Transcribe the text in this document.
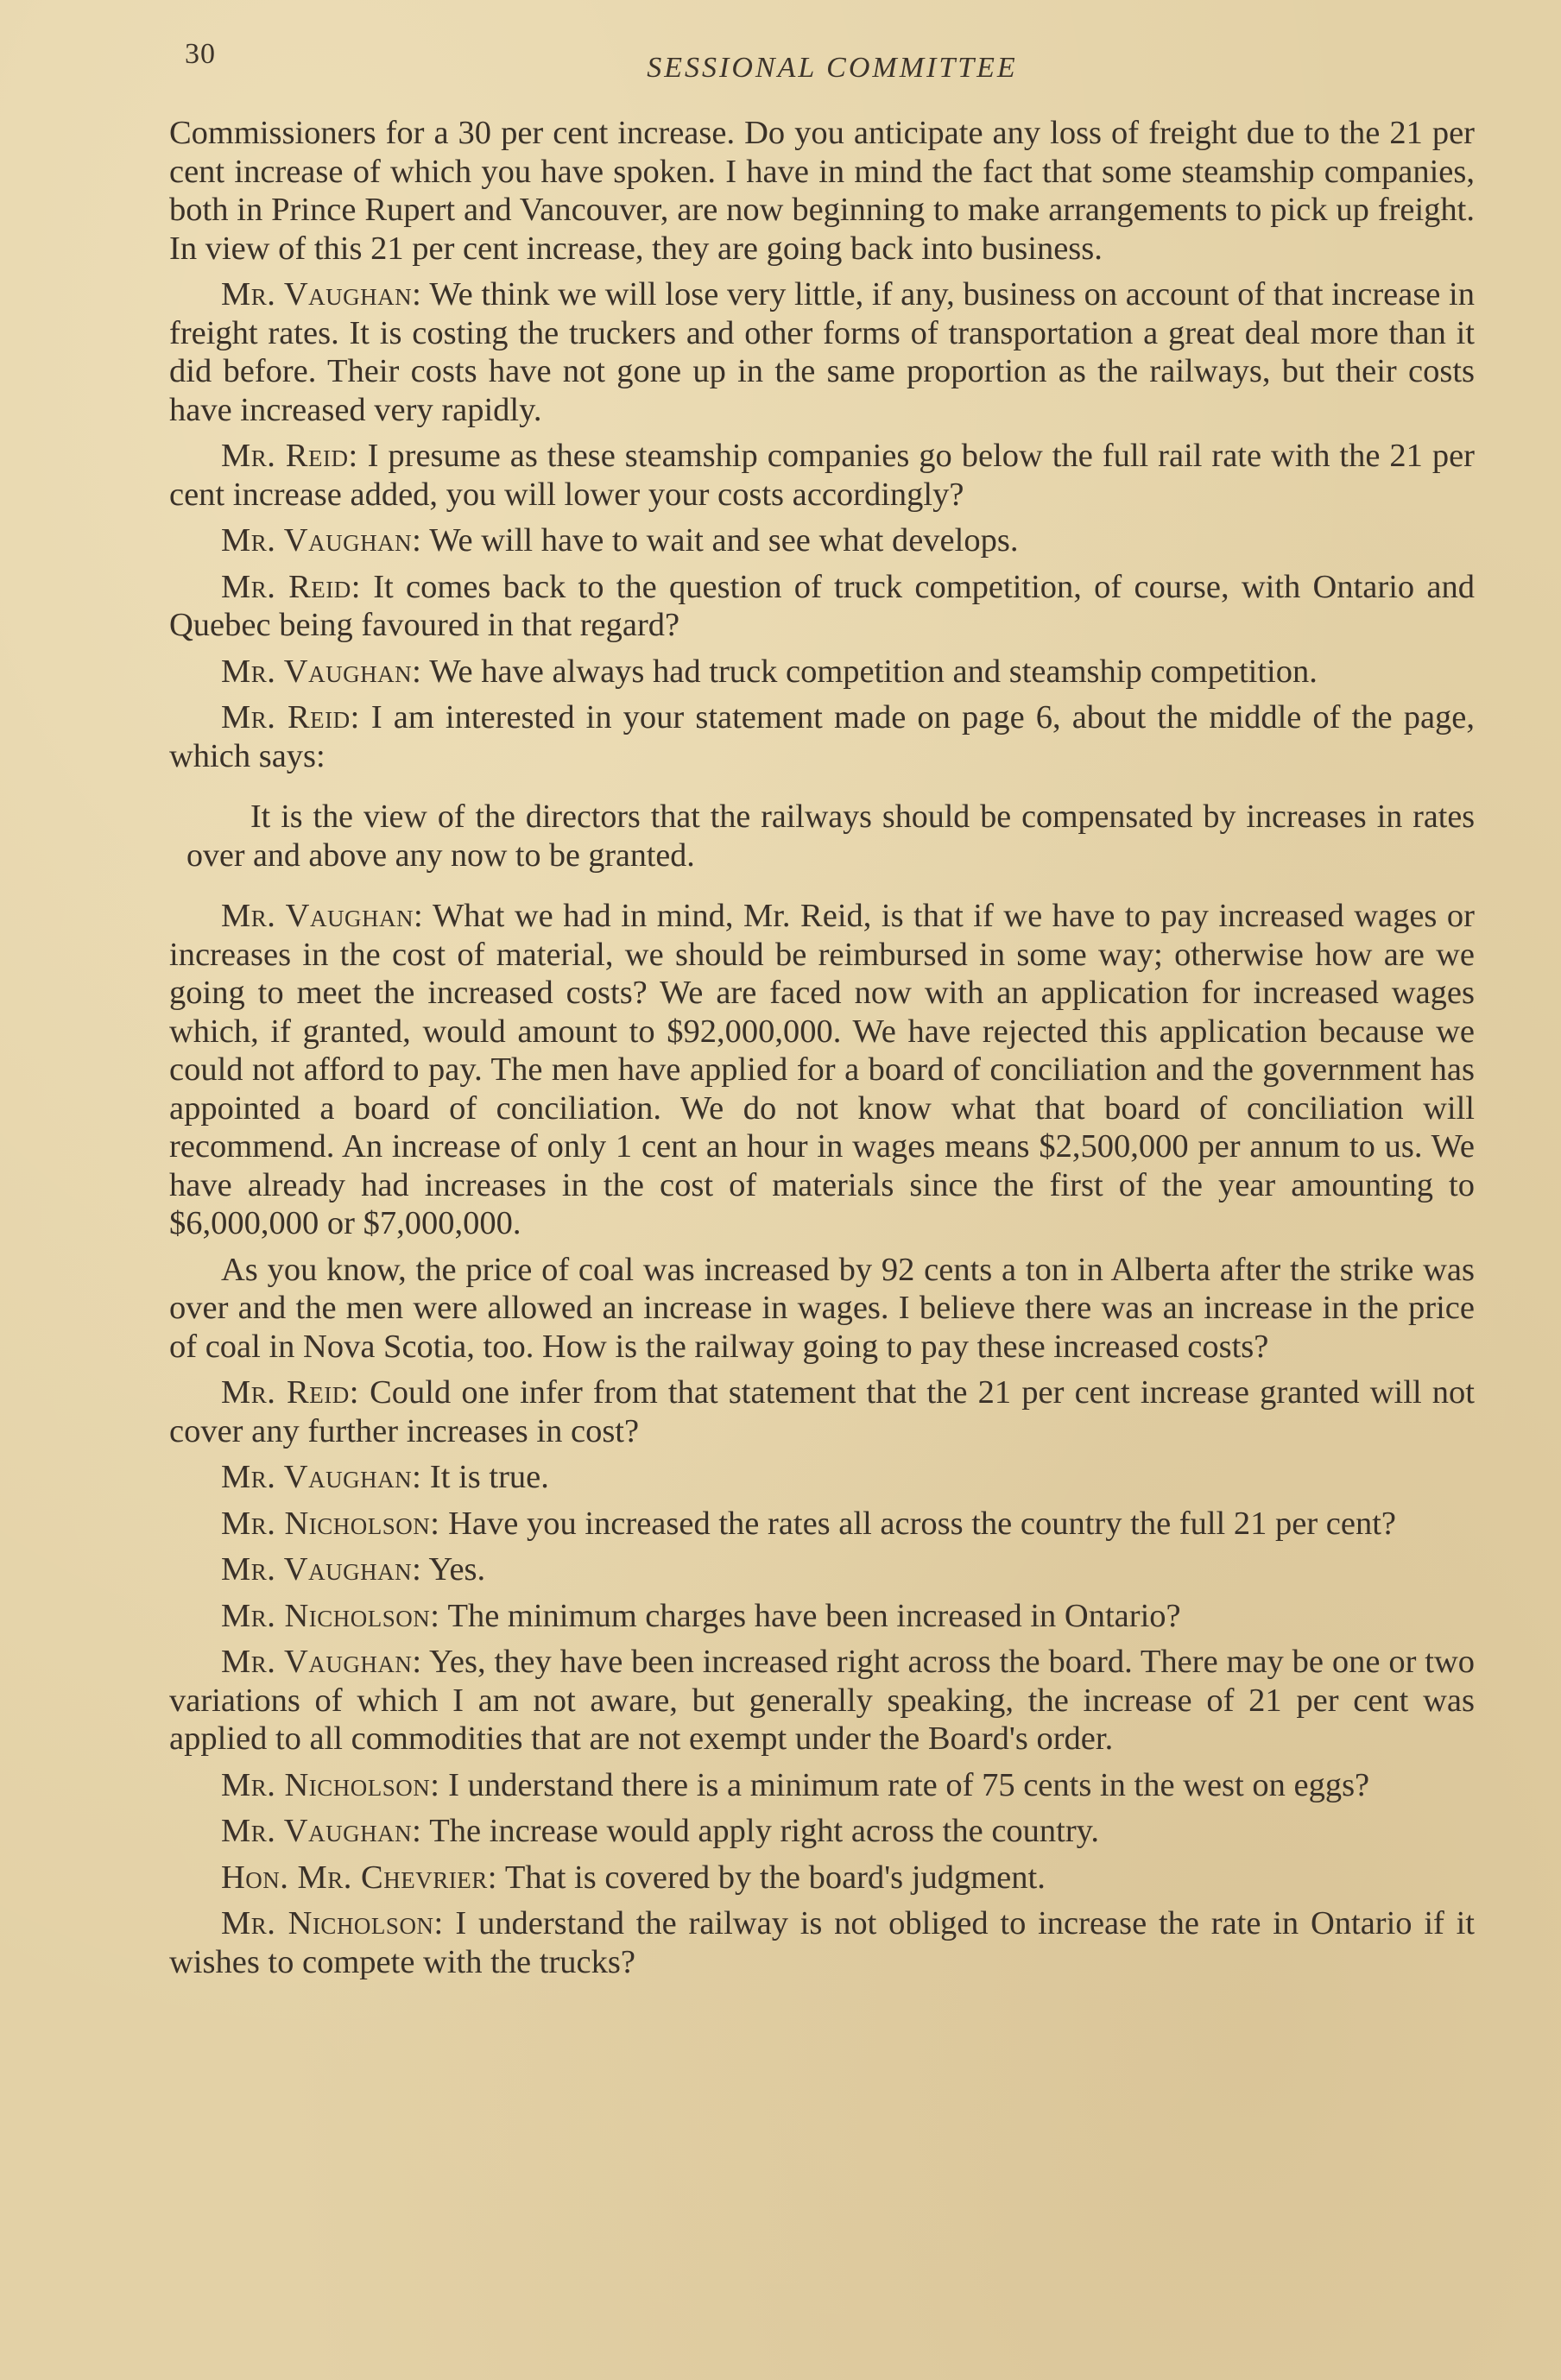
30	SESSIONAL COMMITTEE

Commissioners for a 30 per cent increase. Do you anticipate any loss of freight due to the 21 per cent increase of which you have spoken. I have in mind the fact that some steamship companies, both in Prince Rupert and Vancouver, are now beginning to make arrangements to pick up freight. In view of this 21 per cent increase, they are going back into business.

Mr. Vaughan: We think we will lose very little, if any, business on account of that increase in freight rates. It is costing the truckers and other forms of transportation a great deal more than it did before. Their costs have not gone up in the same proportion as the railways, but their costs have increased very rapidly.

Mr. Reid: I presume as these steamship companies go below the full rail rate with the 21 per cent increase added, you will lower your costs accordingly?

Mr. Vaughan: We will have to wait and see what develops.

Mr. Reid: It comes back to the question of truck competition, of course, with Ontario and Quebec being favoured in that regard?

Mr. Vaughan: We have always had truck competition and steamship competition.

Mr. Reid: I am interested in your statement made on page 6, about the middle of the page, which says:

It is the view of the directors that the railways should be compensated by increases in rates over and above any now to be granted.

Mr. Vaughan: What we had in mind, Mr. Reid, is that if we have to pay increased wages or increases in the cost of material, we should be reimbursed in some way; otherwise how are we going to meet the increased costs? We are faced now with an application for increased wages which, if granted, would amount to $92,000,000. We have rejected this application because we could not afford to pay. The men have applied for a board of conciliation and the government has appointed a board of conciliation. We do not know what that board of conciliation will recommend. An increase of only 1 cent an hour in wages means $2,500,000 per annum to us. We have already had increases in the cost of materials since the first of the year amounting to $6,000,000 or $7,000,000.

As you know, the price of coal was increased by 92 cents a ton in Alberta after the strike was over and the men were allowed an increase in wages. I believe there was an increase in the price of coal in Nova Scotia, too. How is the railway going to pay these increased costs?

Mr. Reid: Could one infer from that statement that the 21 per cent increase granted will not cover any further increases in cost?

Mr. Vaughan: It is true.

Mr. Nicholson: Have you increased the rates all across the country the full 21 per cent?

Mr. Vaughan: Yes.

Mr. Nicholson: The minimum charges have been increased in Ontario?

Mr. Vaughan: Yes, they have been increased right across the board. There may be one or two variations of which I am not aware, but generally speaking, the increase of 21 per cent was applied to all commodities that are not exempt under the Board's order.

Mr. Nicholson: I understand there is a minimum rate of 75 cents in the west on eggs?

Mr. Vaughan: The increase would apply right across the country.

Hon. Mr. Chevrier: That is covered by the board's judgment.

Mr. Nicholson: I understand the railway is not obliged to increase the rate in Ontario if it wishes to compete with the trucks?
